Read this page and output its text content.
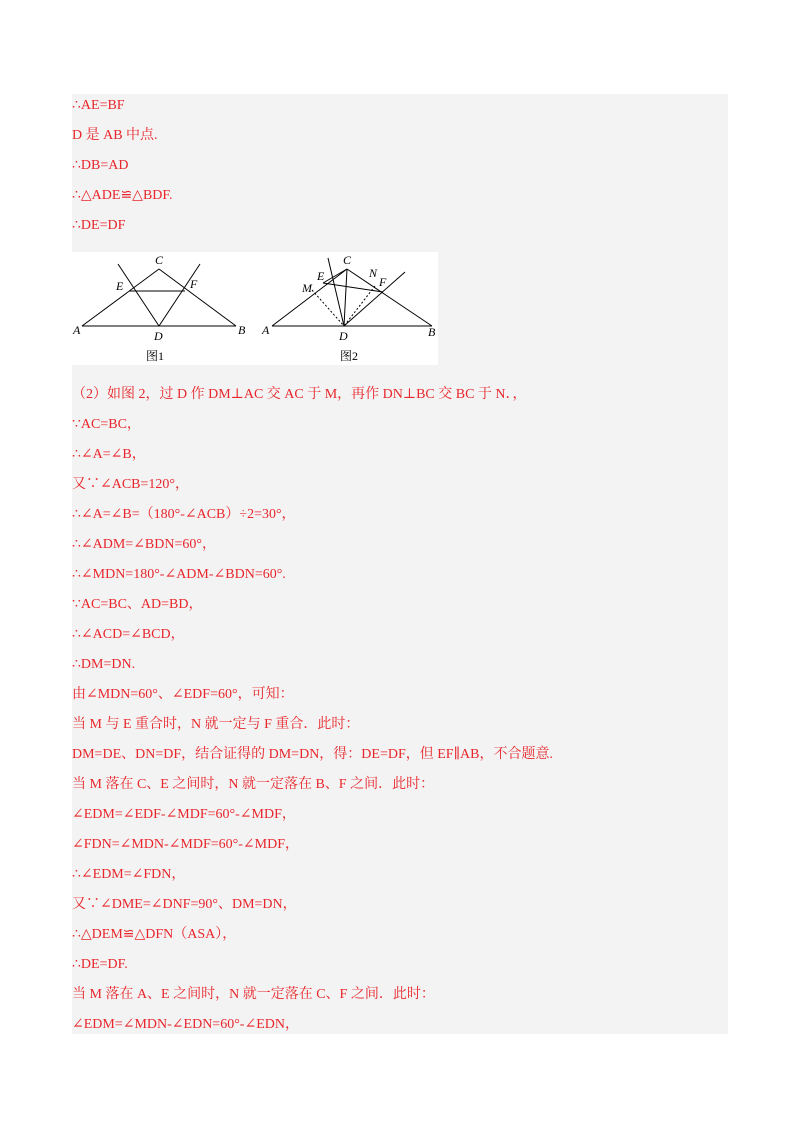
∴AE=BF
D 是 AB 中点.
∴DB=AD
∴△ADE≌△BDF.
∴DE=DF
A	B
C
D
E	F
图1
A	B
C
D
E	F
M
N
图2
（2）如图 2，过 D 作 DM⊥AC 交 AC 于 M，再作 DN⊥BC 交 BC 于 N．，
∵AC=BC，
∴∠A=∠B，
又∵∠ACB=120°，
∴∠A=∠B=（180°-∠ACB）÷2=30°，
∴∠ADM=∠BDN=60°，
∴∠MDN=180°-∠ADM-∠BDN=60°.
∵AC=BC、AD=BD，
∴∠ACD=∠BCD，
∴DM=DN.
由∠MDN=60°、∠EDF=60°，可知：
当 M 与 E 重合时，N 就一定与 F 重合．此时：
DM=DE、DN=DF，结合证得的 DM=DN，得：DE=DF，但 EF∥AB，不合题意.
当 M 落在 C、E 之间时，N 就一定落在 B、F 之间．此时：
∠EDM=∠EDF-∠MDF=60°-∠MDF，
∠FDN=∠MDN-∠MDF=60°-∠MDF，
∴∠EDM=∠FDN，
又∵∠DME=∠DNF=90°、DM=DN，
∴△DEM≌△DFN（ASA），
∴DE=DF.
当 M 落在 A、E 之间时，N 就一定落在 C、F 之间．此时：
∠EDM=∠MDN-∠EDN=60°-∠EDN，
